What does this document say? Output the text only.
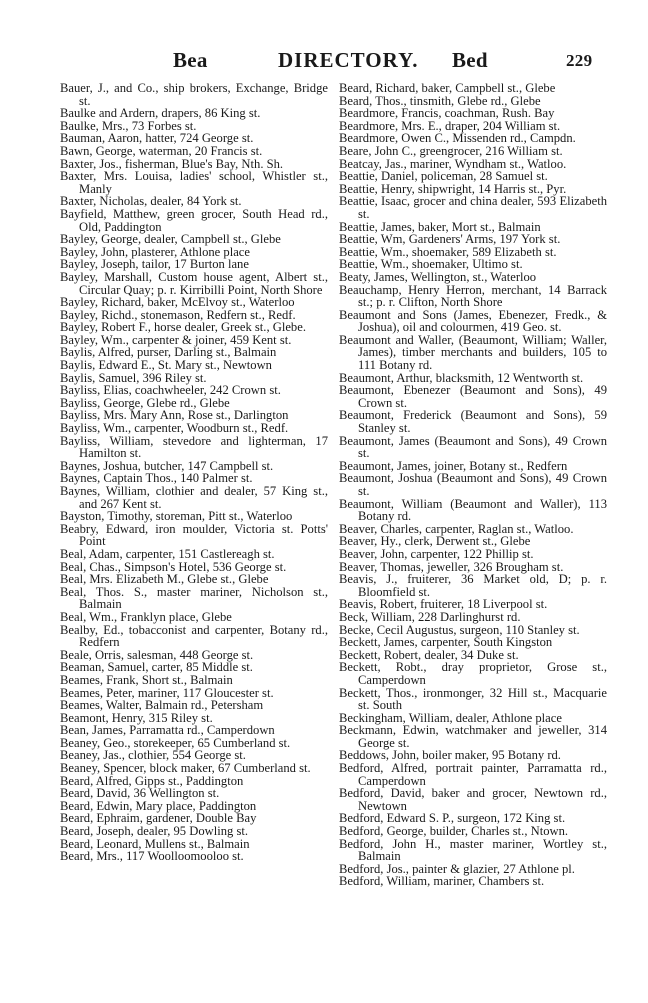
Bea	DIRECTORY. Bed	229
Bauer, J., and Co., ship brokers, Exchange, Bridge st.
Baulke and Ardern, drapers, 86 King st.
Baulke, Mrs., 73 Forbes st.
Bauman, Aaron, hatter, 724 George st.
Bawn, George, waterman, 20 Francis st.
Baxter, Jos., fisherman, Blue's Bay, Nth. Sh.
Baxter, Mrs. Louisa, ladies' school, Whistler st., Manly
Baxter, Nicholas, dealer, 84 York st.
Bayfield, Matthew, green grocer, South Head rd., Old, Paddington
Bayley, George, dealer, Campbell st., Glebe
Bayley, John, plasterer, Athlone place
Bayley, Joseph, tailor, 17 Burton lane
Bayley, Marshall, Custom house agent, Albert st., Circular Quay; p. r. Kirribilli Point, North Shore
Bayley, Richard, baker, McElvoy st., Waterloo
Bayley, Richd., stonemason, Redfern st., Redf.
Bayley, Robert F., horse dealer, Greek st., Glebe.
Bayley, Wm., carpenter & joiner, 459 Kent st.
Baylis, Alfred, purser, Darling st., Balmain
Baylis, Edward E., St. Mary st., Newtown
Baylis, Samuel, 396 Riley st.
Bayliss, Elias, coachwheeler, 242 Crown st.
Bayliss, George, Glebe rd., Glebe
Bayliss, Mrs. Mary Ann, Rose st., Darlington
Bayliss, Wm., carpenter, Woodburn st., Redf.
Bayliss, William, stevedore and lighterman, 17 Hamilton st.
Baynes, Joshua, butcher, 147 Campbell st.
Baynes, Captain Thos., 140 Palmer st.
Baynes, William, clothier and dealer, 57 King st., and 267 Kent st.
Bayston, Timothy, storeman, Pitt st., Waterloo
Beabry, Edward, iron moulder, Victoria st. Potts' Point
Beal, Adam, carpenter, 151 Castlereagh st.
Beal, Chas., Simpson's Hotel, 536 George st.
Beal, Mrs. Elizabeth M., Glebe st., Glebe
Beal, Thos. S., master mariner, Nicholson st., Balmain
Beal, Wm., Franklyn place, Glebe
Bealby, Ed., tobacconist and carpenter, Botany rd., Redfern
Beale, Orris, salesman, 448 George st.
Beaman, Samuel, carter, 85 Middle st.
Beames, Frank, Short st., Balmain
Beames, Peter, mariner, 117 Gloucester st.
Beames, Walter, Balmain rd., Petersham
Beamont, Henry, 315 Riley st.
Bean, James, Parramatta rd., Camperdown
Beaney, Geo., storekeeper, 65 Cumberland st.
Beaney, Jas., clothier, 554 George st.
Beaney, Spencer, block maker, 67 Cumberland st.
Beard, Alfred, Gipps st., Paddington
Beard, David, 36 Wellington st.
Beard, Edwin, Mary place, Paddington
Beard, Ephraim, gardener, Double Bay
Beard, Joseph, dealer, 95 Dowling st.
Beard, Leonard, Mullens st., Balmain
Beard, Mrs., 117 Woolloomooloo st.
Beard, Richard, baker, Campbell st., Glebe
Beard, Thos., tinsmith, Glebe rd., Glebe
Beardmore, Francis, coachman, Rush. Bay
Beardmore, Mrs. E., draper, 204 William st.
Beardmore, Owen C., Missenden rd., Campdn.
Beare, John C., greengrocer, 216 William st.
Beatcay, Jas., mariner, Wyndham st., Watloo.
Beattie, Daniel, policeman, 28 Samuel st.
Beattie, Henry, shipwright, 14 Harris st., Pyr.
Beattie, Isaac, grocer and china dealer, 593 Elizabeth st.
Beattie, James, baker, Mort st., Balmain
Beattie, Wm, Gardeners' Arms, 197 York st.
Beattie, Wm., shoemaker, 589 Elizabeth st.
Beattie, Wm., shoemaker, Ultimo st.
Beaty, James, Wellington, st., Waterloo
Beauchamp, Henry Herron, merchant, 14 Barrack st.; p. r. Clifton, North Shore
Beaumont and Sons (James, Ebenezer, Fredk., & Joshua), oil and colourmen, 419 Geo. st.
Beaumont and Waller, (Beaumont, William; Waller, James), timber merchants and builders, 105 to 111 Botany rd.
Beaumont, Arthur, blacksmith, 12 Wentworth st.
Beaumont, Ebenezer (Beaumont and Sons), 49 Crown st.
Beaumont, Frederick (Beaumont and Sons), 59 Stanley st.
Beaumont, James (Beaumont and Sons), 49 Crown st.
Beaumont, James, joiner, Botany st., Redfern
Beaumont, Joshua (Beaumont and Sons), 49 Crown st.
Beaumont, William (Beaumont and Waller), 113 Botany rd.
Beaver, Charles, carpenter, Raglan st., Watloo.
Beaver, Hy., clerk, Derwent st., Glebe
Beaver, John, carpenter, 122 Phillip st.
Beaver, Thomas, jeweller, 326 Brougham st.
Beavis, J., fruiterer, 36 Market old, D; p. r. Bloomfield st.
Beavis, Robert, fruiterer, 18 Liverpool st.
Beck, William, 228 Darlinghurst rd.
Becke, Cecil Augustus, surgeon, 110 Stanley st.
Beckett, James, carpenter, South Kingston
Beckett, Robert, dealer, 34 Duke st.
Beckett, Robt., dray proprietor, Grose st., Camperdown
Beckett, Thos., ironmonger, 32 Hill st., Macquarie st. South
Beckingham, William, dealer, Athlone place
Beckmann, Edwin, watchmaker and jeweller, 314 George st.
Beddows, John, boiler maker, 95 Botany rd.
Bedford, Alfred, portrait painter, Parramatta rd., Camperdown
Bedford, David, baker and grocer, Newtown rd., Newtown
Bedford, Edward S. P., surgeon, 172 King st.
Bedford, George, builder, Charles st., Ntown.
Bedford, John H., master mariner, Wortley st., Balmain
Bedford, Jos., painter & glazier, 27 Athlone pl.
Bedford, William, mariner, Chambers st.
